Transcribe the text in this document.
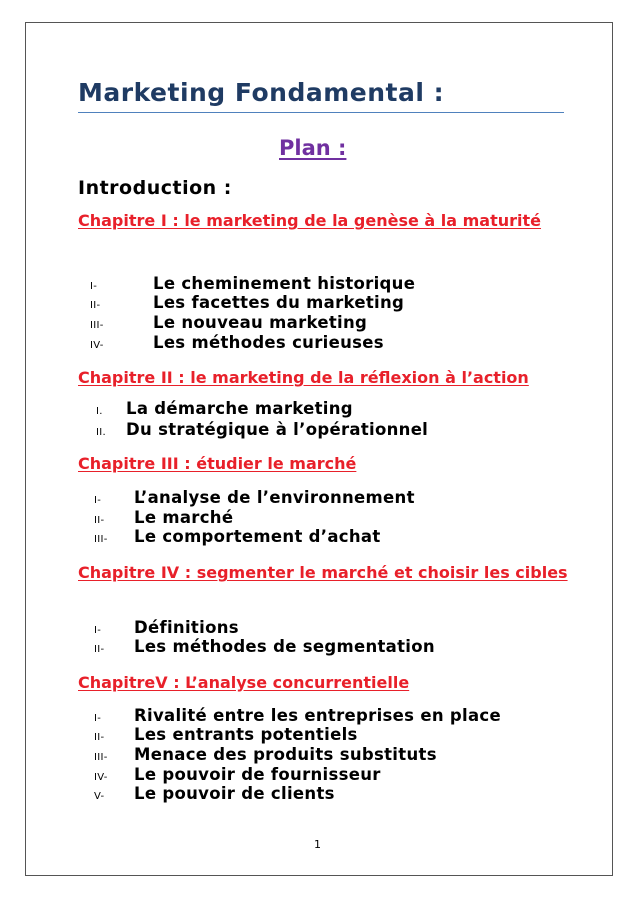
Marketing Fondamental :
Plan :
Introduction :
Chapitre I : le marketing de la genèse à la maturité
I-	Le cheminement historique
II-	Les facettes du marketing
III-	Le nouveau marketing
IV-	Les méthodes curieuses
Chapitre II : le marketing de la réflexion à l’action
I.	La démarche marketing
II.	Du stratégique à l’opérationnel
Chapitre III : étudier le marché
I-	L’analyse de l’environnement
II-	Le marché
III-	Le comportement d’achat
Chapitre IV : segmenter le marché et choisir les cibles
I-	Définitions
II-	Les méthodes de segmentation
ChapitreV : L’analyse concurrentielle
I-	Rivalité entre les entreprises en place
II-	Les entrants potentiels
III-	Menace des produits substituts
IV-	Le pouvoir de fournisseur
V-	Le pouvoir de clients
1
